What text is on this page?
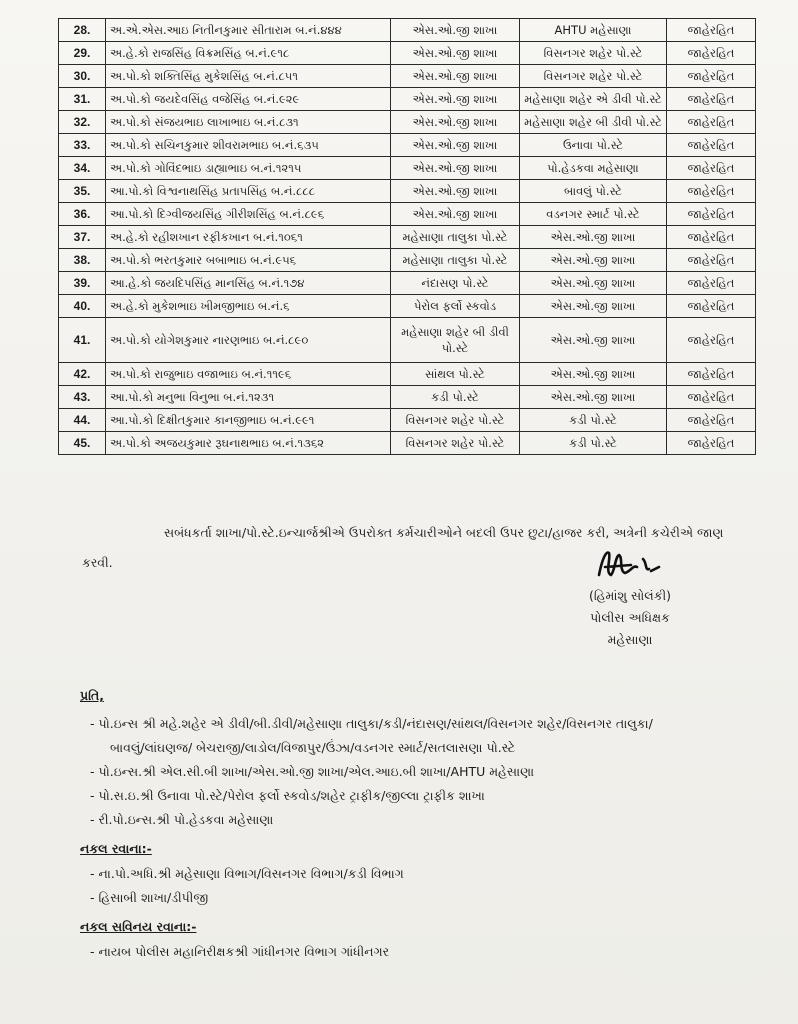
28.	અ.એ.એસ.આઇ નિતીનકુમાર સીતારામ બ.નં.૪૪૪	એસ.ઓ.જી શાખા	AHTU મહેસાણા	જાહેરહિત
29.	અ.હે.કો રાજસિંહ વિક્રમસિંહ બ.નં.૯૧૮	એસ.ઓ.જી શાખા	વિસનગર શહેર પો.સ્ટે	જાહેરહિત
30.	અ.પો.કો શક્તિસિંહ મુકેશસિંહ બ.નં.૮૫૧	એસ.ઓ.જી શાખા	વિસનગર શહેર પો.સ્ટે	જાહેરહિત
31.	અ.પો.કો જયદેવસિંહ વજેસિંહ બ.નં.૯૨૯	એસ.ઓ.જી શાખા	મહેસાણા શહેર એ ડીવી પો.સ્ટે	જાહેરહિત
32.	અ.પો.કો સંજયભાઇ લાખાભાઇ બ.નં.૮૩૧	એસ.ઓ.જી શાખા	મહેસાણા શહેર બી ડીવી પો.સ્ટે	જાહેરહિત
33.	અ.પો.કો સચિનકુમાર શીવરામભાઇ બ.નં.૬૩૫	એસ.ઓ.જી શાખા	ઉનાવા પો.સ્ટે	જાહેરહિત
34.	અ.પો.કો ગોવિંદભાઇ ડાહ્યાભાઇ બ.નં.૧૨૧૫	એસ.ઓ.જી શાખા	પો.હેડકવા મહેસાણા	જાહેરહિત
35.	આ.પો.કો વિશ્વનાથસિંહ પ્રતાપસિંહ બ.નં.૮૮૮	એસ.ઓ.જી શાખા	બાવલું પો.સ્ટે	જાહેરહિત
36.	આ.પો.કો દિગ્વીજયસિંહ ગીરીશસિંહ બ.નં.૮૯૬	એસ.ઓ.જી શાખા	વડનગર સ્માર્ટ પો.સ્ટે	જાહેરહિત
37.	અ.હે.કો રહીશખાન રફીકખાન બ.નં.૧૦૬૧	મહેસાણા તાલુકા પો.સ્ટે	એસ.ઓ.જી શાખા	જાહેરહિત
38.	અ.પો.કો ભરતકુમાર બબાભાઇ બ.નં.૯૫૬	મહેસાણા તાલુકા પો.સ્ટે	એસ.ઓ.જી શાખા	જાહેરહિત
39.	આ.હે.કો જયદિપસિંહ માનસિંહ બ.નં.૧૭૪	નંદાસણ પો.સ્ટે	એસ.ઓ.જી શાખા	જાહેરહિત
40.	અ.હે.કો મુકેશભાઇ ખીમજીભાઇ બ.નં.૬	પેરોલ ફર્લો સ્કવોડ	એસ.ઓ.જી શાખા	જાહેરહિત
41.	અ.પો.કો યોગેશકુમાર નારણભાઇ બ.નં.૮૯૦	મહેસાણા શહેર બી ડીવી પો.સ્ટે	એસ.ઓ.જી શાખા	જાહેરહિત
42.	અ.પો.કો રાજુભાઇ વજાભાઇ બ.નં.૧૧૯૬	સાંથલ પો.સ્ટે	એસ.ઓ.જી શાખા	જાહેરહિત
43.	આ.પો.કો મનુભા વિનુભા બ.નં.૧૨૩૧	કડી પો.સ્ટે	એસ.ઓ.જી શાખા	જાહેરહિત
44.	આ.પો.કો દિક્ષીતકુમાર કાનજીભાઇ બ.નં.૯૯૧	વિસનગર શહેર પો.સ્ટે	કડી પો.સ્ટે	જાહેરહિત
45.	અ.પો.કો અજયકુમાર રૂઘનાથભાઇ બ.નં.૧૩૬૨	વિસનગર શહેર પો.સ્ટે	કડી પો.સ્ટે	જાહેરહિત
સબંધકર્તા શાખા/પો.સ્ટે.ઇન્ચાર્જશ્રીએ ઉપરોક્ત કર્મચારીઓને બદલી ઉપર છુટા/હાજર કરી, અત્રેની કચેરીએ જાણ કરવી.
(હિમાંશુ સોલંકી)
પોલીસ અધિક્ષક
મહેસાણા
પ્રતિ,
- પો.ઇન્સ શ્રી મહે.શહેર એ ડીવી/બી.ડીવી/મહેસાણા તાલુકા/કડી/નંદાસણ/સાંથલ/વિસનગર શહેર/વિસનગર તાલુકા/
બાવલું/લાંઘણજ/ બેચરાજી/લાડોલ/વિજાપુર/ઉંઝા/વડનગર સ્માર્ટ/સતલાસણા પો.સ્ટે
- પો.ઇન્સ.શ્રી એલ.સી.બી શાખા/એસ.ઓ.જી શાખા/એલ.આઇ.બી શાખા/AHTU મહેસાણા
- પો.સ.ઇ.શ્રી ઉનાવા પો.સ્ટે/પેરોલ ફર્લો સ્કવોડ/શહેર ટ્રાફીક/જીલ્લા ટ્રાફીક શાખા
- રી.પો.ઇન્સ.શ્રી પો.હેડકવા મહેસાણા
નકલ રવાના:-
- ના.પો.અધિ.શ્રી મહેસાણા વિભાગ/વિસનગર વિભાગ/કડી વિભાગ
- હિસાબી શાખા/ડીપીજી
નકલ સવિનય રવાના:-
- નાયબ પોલીસ મહાનિરીક્ષકશ્રી ગાંધીનગર વિભાગ ગાંધીનગર
